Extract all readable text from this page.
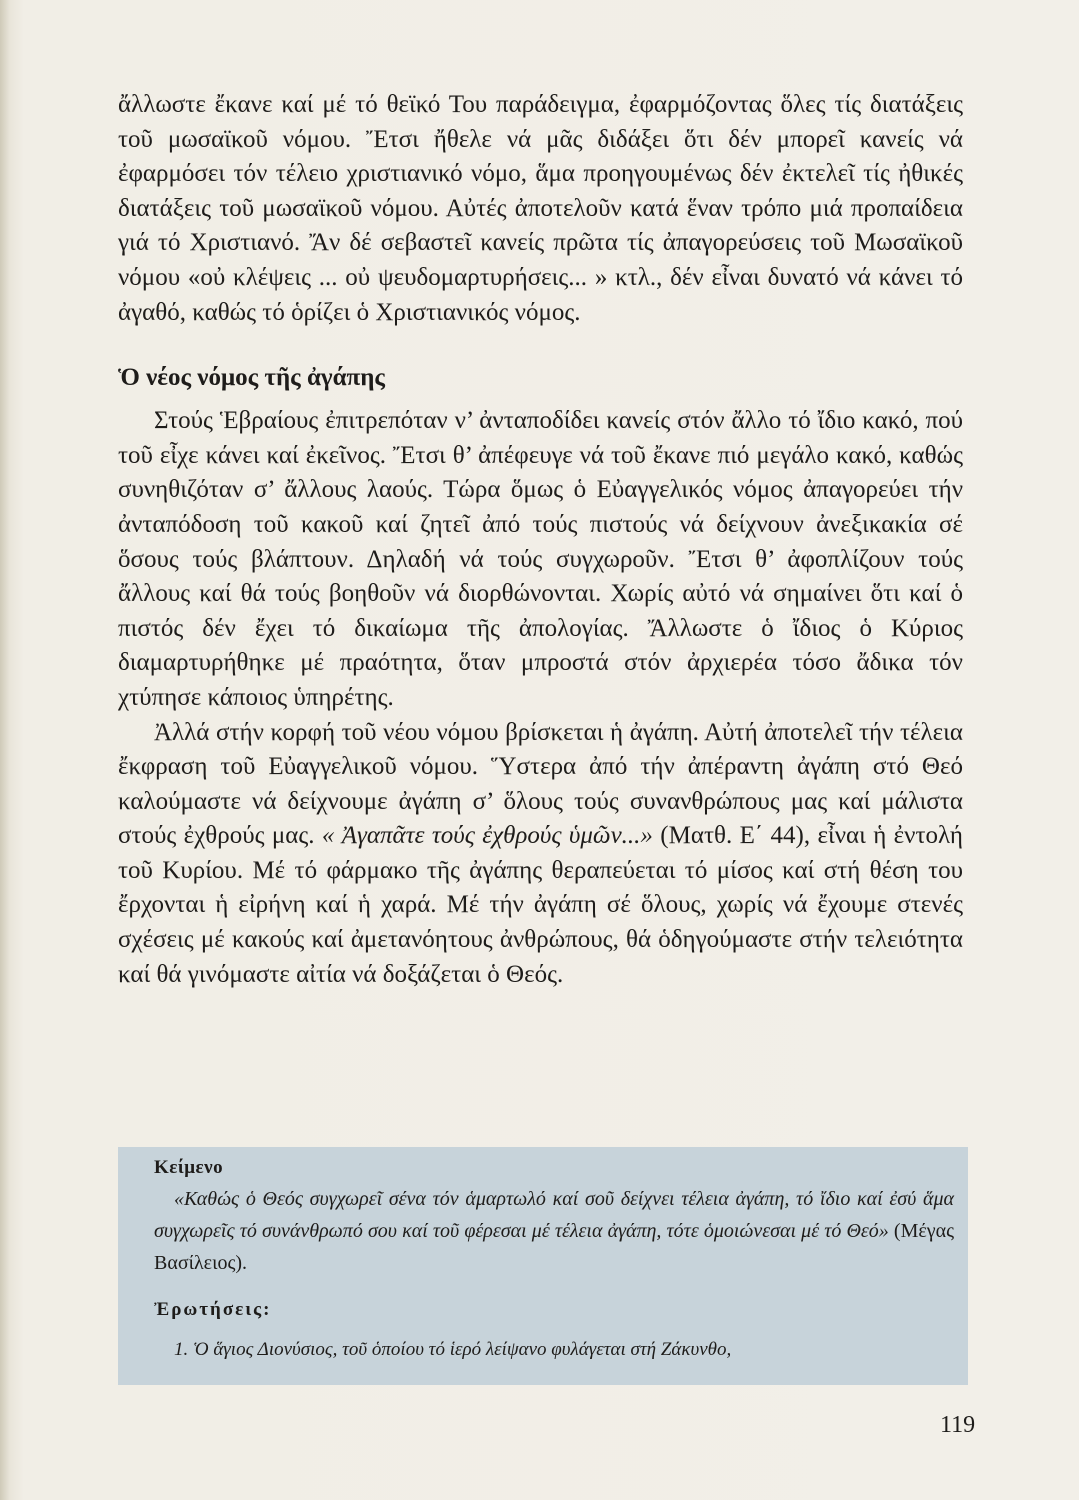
ἄλλωστε ἔκανε καί μέ τό θεϊκό Του παράδειγμα, ἐφαρμόζοντας ὅλες τίς διατάξεις τοῦ μωσαϊκοῦ νόμου. Ἔτσι ἤθελε νά μᾶς διδάξει ὅτι δέν μπορεῖ κανείς νά ἐφαρμόσει τόν τέλειο χριστιανικό νόμο, ἅμα προηγουμένως δέν ἐκτελεῖ τίς ἠθικές διατάξεις τοῦ μωσαϊκοῦ νόμου. Αὐτές ἀποτελοῦν κατά ἕναν τρόπο μιά προπαίδεια γιά τό Χριστιανό. Ἄν δέ σεβαστεῖ κανείς πρῶτα τίς ἀπαγορεύσεις τοῦ Μωσαϊκοῦ νόμου «οὐ κλέψεις ... οὐ ψευδομαρτυρήσεις... » κτλ., δέν εἶναι δυνατό νά κάνει τό ἀγαθό, καθώς τό ὁρίζει ὁ Χριστιανικός νόμος.

Ὁ νέος νόμος τῆς ἀγάπης

Στούς Ἑβραίους ἐπιτρεπόταν ν’ ἀνταποδίδει κανείς στόν ἄλλο τό ἴδιο κακό, πού τοῦ εἶχε κάνει καί ἐκεῖνος. Ἔτσι θ’ ἀπέφευγε νά τοῦ ἔκανε πιό μεγάλο κακό, καθώς συνηθιζόταν σ’ ἄλλους λαούς. Τώρα ὅμως ὁ Εὐαγγελικός νόμος ἀπαγορεύει τήν ἀνταπόδοση τοῦ κακοῦ καί ζητεῖ ἀπό τούς πιστούς νά δείχνουν ἀνεξικακία σέ ὅσους τούς βλάπτουν. Δηλαδή νά τούς συγχωροῦν. Ἔτσι θ’ ἀφοπλίζουν τούς ἄλλους καί θά τούς βοηθοῦν νά διορθώνονται. Χωρίς αὐτό νά σημαίνει ὅτι καί ὁ πιστός δέν ἔχει τό δικαίωμα τῆς ἀπολογίας. Ἄλλωστε ὁ ἴδιος ὁ Κύριος διαμαρτυρήθηκε μέ πραότητα, ὅταν μπροστά στόν ἀρχιερέα τόσο ἄδικα τόν χτύπησε κάποιος ὑπηρέτης.

Ἀλλά στήν κορφή τοῦ νέου νόμου βρίσκεται ἡ ἀγάπη. Αὐτή ἀποτελεῖ τήν τέλεια ἔκφραση τοῦ Εὐαγγελικοῦ νόμου. Ὕστερα ἀπό τήν ἀπέραντη ἀγάπη στό Θεό καλούμαστε νά δείχνουμε ἀγάπη σ’ ὅλους τούς συνανθρώπους μας καί μάλιστα στούς ἐχθρούς μας. « Ἀγαπᾶτε τούς ἐχθρούς ὑμῶν...» (Ματθ. Ε΄ 44), εἶναι ἡ ἐντολή τοῦ Κυρίου. Μέ τό φάρμακο τῆς ἀγάπης θεραπεύεται τό μίσος καί στή θέση του ἔρχονται ἡ εἰρήνη καί ἡ χαρά. Μέ τήν ἀγάπη σέ ὅλους, χωρίς νά ἔχουμε στενές σχέσεις μέ κακούς καί ἀμετανόητους ἀνθρώπους, θά ὁδηγούμαστε στήν τελειότητα καί θά γινόμαστε αἰτία νά δοξάζεται ὁ Θεός.

Κείμενο

«Καθώς ὁ Θεός συγχωρεῖ σένα τόν ἁμαρτωλό καί σοῦ δείχνει τέλεια ἀγάπη, τό ἴδιο καί ἐσύ ἅμα συγχωρεῖς τό συνάνθρωπό σου καί τοῦ φέρεσαι μέ τέλεια ἀγάπη, τότε ὁμοιώνεσαι μέ τό Θεό» (Μέγας Βασίλειος).

Ἐρωτήσεις:
1. Ὁ ἅγιος Διονύσιος, τοῦ ὁποίου τό ἱερό λείψανο φυλάγεται στή Ζάκυνθο,
119
